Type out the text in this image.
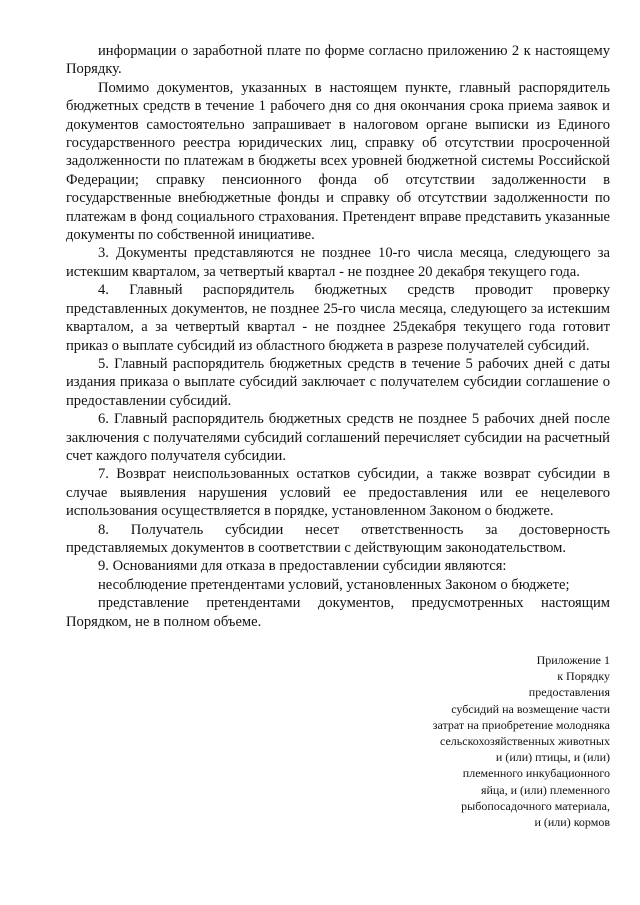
информации о заработной плате по форме согласно приложению 2 к настоящему Порядку.

Помимо документов, указанных в настоящем пункте, главный распорядитель бюджетных средств в течение 1 рабочего дня со дня окончания срока приема заявок и документов самостоятельно запрашивает в налоговом органе выписки из Единого государственного реестра юридических лиц, справку об отсутствии просроченной задолженности по платежам в бюджеты всех уровней бюджетной системы Российской Федерации; справку пенсионного фонда об отсутствии задолженности в государственные внебюджетные фонды и справку об отсутствии задолженности по платежам в фонд социального страхования. Претендент вправе представить указанные документы по собственной инициативе.

3. Документы представляются не позднее 10-го числа месяца, следующего за истекшим кварталом, за четвертый квартал - не позднее 20 декабря текущего года.

4.  Главный  распорядитель  бюджетных  средств  проводит  проверку представленных документов, не позднее 25-го числа месяца, следующего за истекшим кварталом, а за четвертый квартал - не позднее 25декабря текущего года готовит приказ о выплате субсидий из областного бюджета в разрезе получателей субсидий.

5. Главный распорядитель бюджетных средств в течение 5 рабочих дней с даты издания приказа о выплате субсидий заключает с получателем субсидии соглашение о предоставлении субсидий.

6. Главный распорядитель бюджетных средств не позднее 5 рабочих дней после заключения с получателями субсидий соглашений перечисляет субсидии на расчетный счет каждого получателя субсидии.

7. Возврат неиспользованных остатков субсидии, а также возврат субсидии в случае выявления нарушения условий ее предоставления или ее нецелевого использования осуществляется в порядке, установленном Законом о бюджете.

8.  Получатель  субсидии  несет  ответственность  за  достоверность представляемых документов в соответствии с действующим законодательством.

9. Основаниями для отказа в предоставлении субсидии являются:

несоблюдение претендентами условий, установленных Законом о бюджете;

представление претендентами документов, предусмотренных настоящим Порядком, не в полном объеме.

Приложение 1
к Порядку
предоставления
субсидий на возмещение части
затрат на приобретение молодняка
сельскохозяйственных животных
и (или) птицы, и (или)
племенного инкубационного
яйца, и (или) племенного
рыбопосадочного материала,
и (или) кормов
